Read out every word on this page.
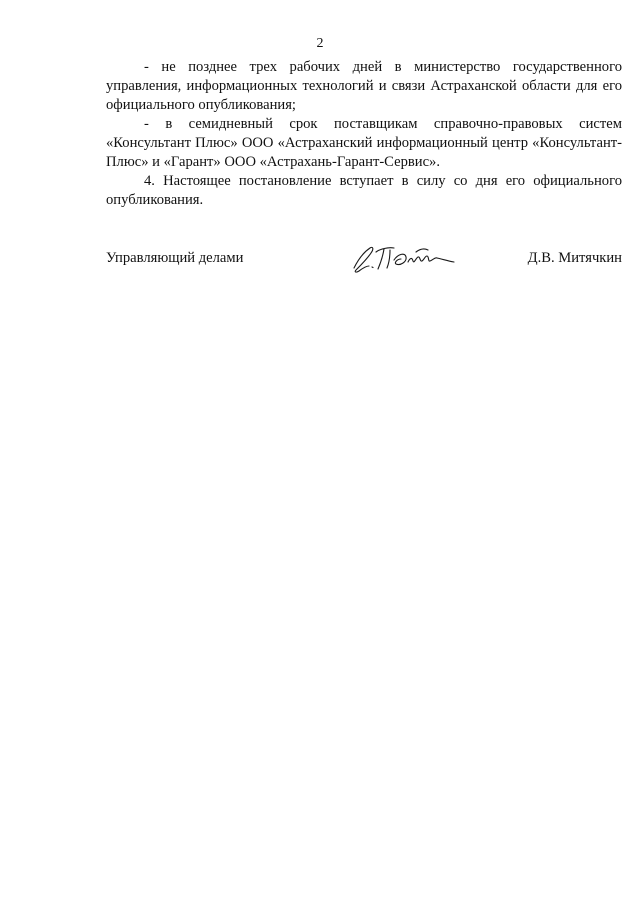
2

- не позднее трех рабочих дней в министерство государственного управления, информационных технологий и связи Астраханской области для его официального опубликования;

- в семидневный срок поставщикам справочно-правовых систем «Консультант Плюс» ООО «Астраханский информационный центр «Консультант-Плюс» и «Гарант» ООО «Астрахань-Гарант-Сервис».

4. Настоящее постановление вступает в силу со дня его официального опубликования.

Управляющий делами	Д.В. Митячкин
